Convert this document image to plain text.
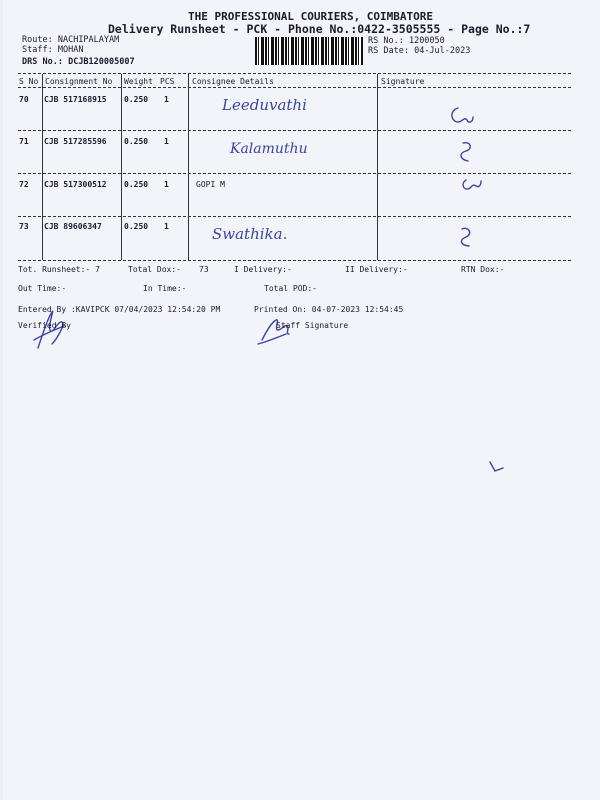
THE PROFESSIONAL COURIERS, COIMBATORE
Delivery Runsheet - PCK - Phone No.:0422-3505555 - Page No.:7
Route: NACHIPALAYAM
Staff: MOHAN
DRS No.: DCJB120005007
RS No.: 1200050
RS Date: 04-Jul-2023
S No Consignment No Weight PCS Consignee Details	Signature
70 CJB 517168915 0.250 1	Leeduvathi
71 CJB 517285596 0.250 1	Kalamuthu
72 CJB 517300512 0.250 1	GOPI M
73 CJB 89606347	0.250 1	Swathika.
Tot. Runsheet:- 7	Total Dox:- 73	I Delivery:-	II Delivery:-	RTN Dox:-
Out Time:-	In Time:-	Total POD:-
Entered By :KAVIPCK 07/04/2023 12:54:20 PM	Printed On: 04-07-2023 12:54:45
Verified By	Staff Signature
